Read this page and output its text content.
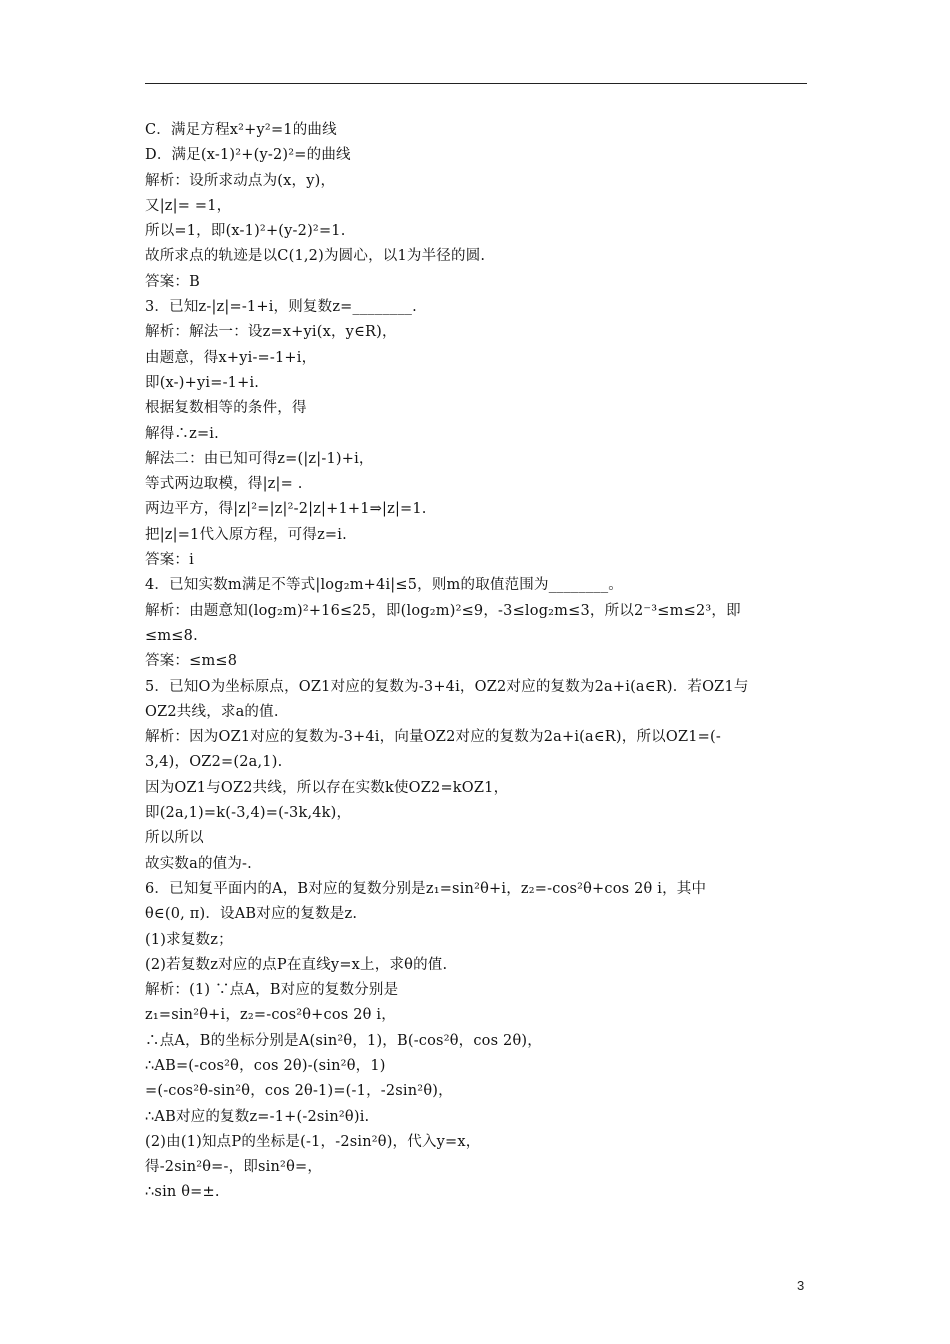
C．满足方程x²+y²=1的曲线
D．满足(x-1)²+(y-2)²=的曲线
解析：设所求动点为(x，y)，
又|z|= =1，
所以=1，即(x-1)²+(y-2)²=1.
故所求点的轨迹是以C(1,2)为圆心，以1为半径的圆.
答案：B
3．已知z-|z|=-1+i，则复数z=________.
解析：解法一：设z=x+yi(x，y∈R)，
由题意，得x+yi-=-1+i，
即(x-)+yi=-1+i.
根据复数相等的条件，得
解得∴z=i.
解法二：由已知可得z=(|z|-1)+i，
等式两边取模，得|z|= .
两边平方，得|z|²=|z|²-2|z|+1+1⇒|z|=1.
把|z|=1代入原方程，可得z=i.
答案：i
4．已知实数m满足不等式|log₂m+4i|≤5，则m的取值范围为________。
解析：由题意知(log₂m)²+16≤25，即(log₂m)²≤9，-3≤log₂m≤3，所以2⁻³≤m≤2³，即
≤m≤8.
答案：≤m≤8
5．已知O为坐标原点，OZ1对应的复数为-3+4i，OZ2对应的复数为2a+i(a∈R)．若OZ1与
OZ2共线，求a的值.
解析：因为OZ1对应的复数为-3+4i，向量OZ2对应的复数为2a+i(a∈R)，所以OZ1=(-
3,4)，OZ2=(2a,1).
因为OZ1与OZ2共线，所以存在实数k使OZ2=kOZ1，
即(2a,1)=k(-3,4)=(-3k,4k)，
所以所以
故实数a的值为-.
6．已知复平面内的A，B对应的复数分别是z₁=sin²θ+i，z₂=-cos²θ+cos 2θ i，其中
θ∈(0, π)．设AB对应的复数是z.
(1)求复数z；
(2)若复数z对应的点P在直线y=x上，求θ的值.
解析：(1) ∵点A，B对应的复数分别是
z₁=sin²θ+i，z₂=-cos²θ+cos 2θ i，
∴点A，B的坐标分别是A(sin²θ，1)，B(-cos²θ，cos 2θ)，
∴AB=(-cos²θ，cos 2θ)-(sin²θ，1)
=(-cos²θ-sin²θ，cos 2θ-1)=(-1，-2sin²θ)，
∴AB对应的复数z=-1+(-2sin²θ)i.
(2)由(1)知点P的坐标是(-1，-2sin²θ)，代入y=x，
得-2sin²θ=-，即sin²θ=，
∴sin θ=±.
3
